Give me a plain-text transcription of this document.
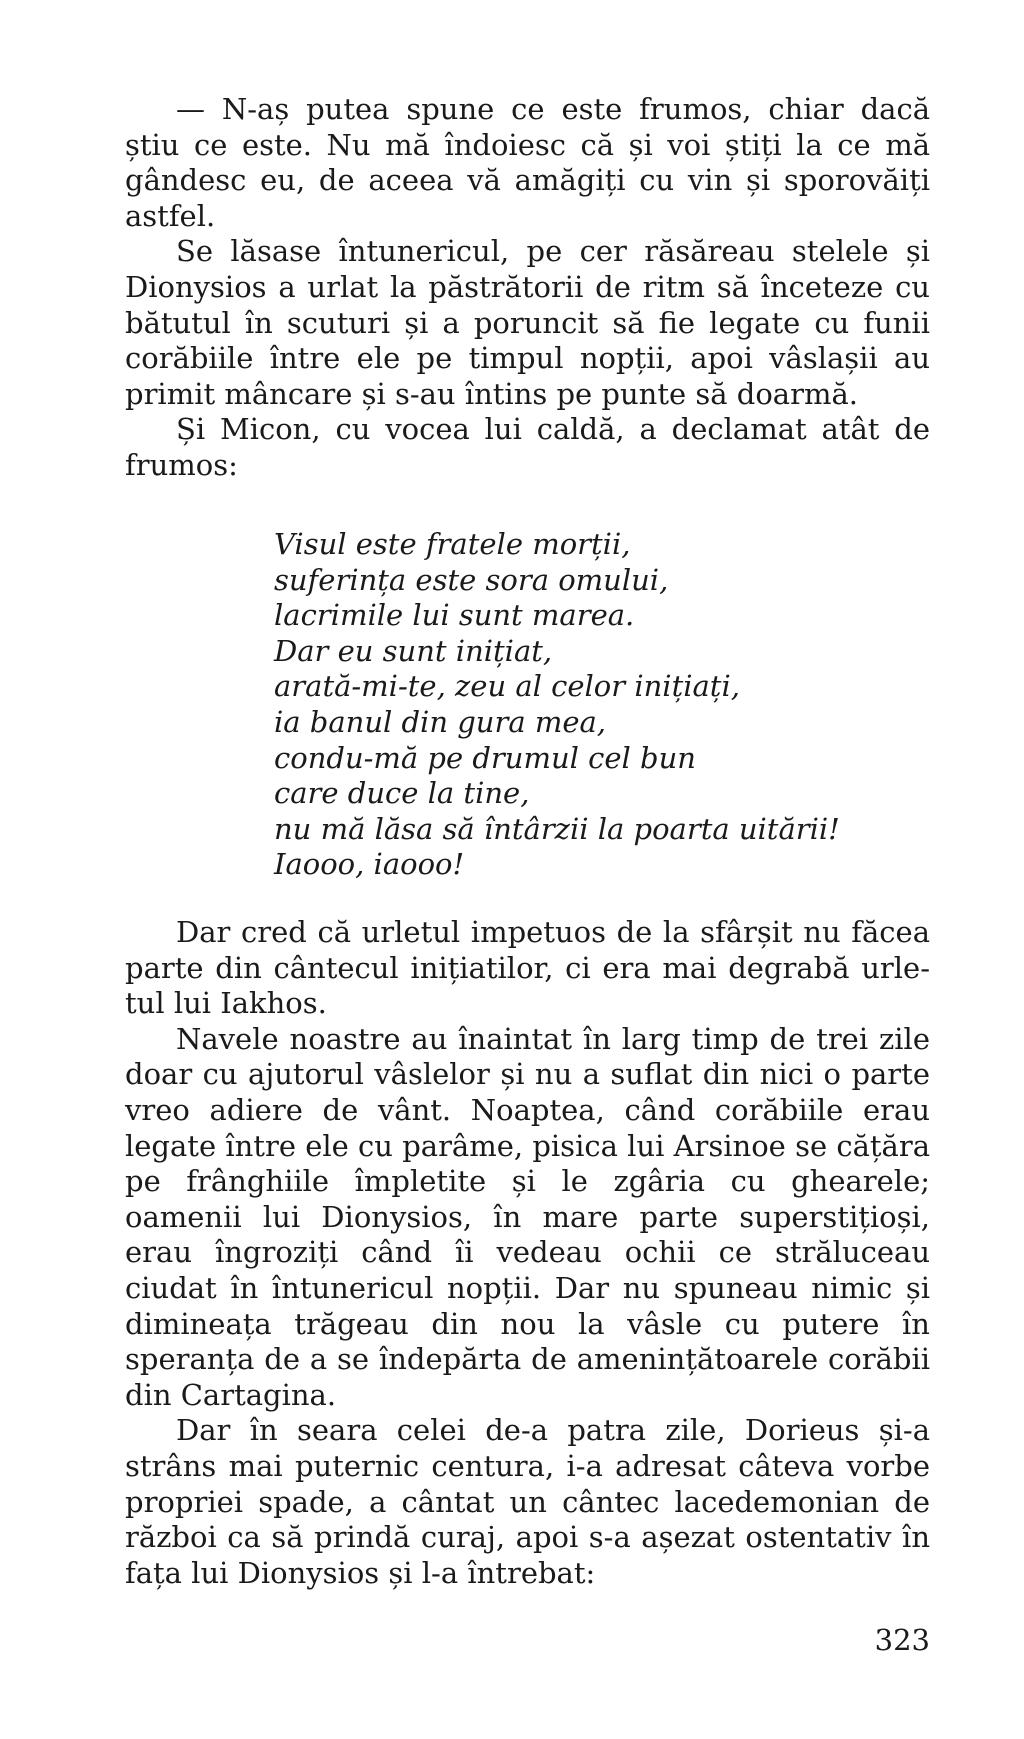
— N-aș putea spune ce este frumos, chiar dacă știu ce este. Nu mă îndoiesc că și voi știți la ce mă gândesc eu, de aceea vă amăgiți cu vin și sporovăiți astfel.

Se lăsase întunericul, pe cer răsăreau stelele și Dionysios a urlat la păstrătorii de ritm să înceteze cu bătutul în scuturi și a poruncit să fie legate cu funii corăbiile între ele pe timpul nopții, apoi vâslașii au primit mâncare și s-au întins pe punte să doarmă.

Și Micon, cu vocea lui caldă, a declamat atât de frumos:

Visul este fratele morții,
suferința este sora omului,
lacrimile lui sunt marea.
Dar eu sunt inițiat,
arată-mi-te, zeu al celor inițiați,
ia banul din gura mea,
condu-mă pe drumul cel bun
care duce la tine,
nu mă lăsa să întârzii la poarta uitării!
Iaooo, iaooo!

Dar cred că urletul impetuos de la sfârșit nu făcea parte din cântecul inițiatilor, ci era mai degrabă urletul lui Iakhos.

Navele noastre au înaintat în larg timp de trei zile doar cu ajutorul vâslelor și nu a suflat din nici o parte vreo adiere de vânt. Noaptea, când corăbiile erau legate între ele cu parâme, pisica lui Arsinoe se cățăra pe frânghiile împletite și le zgâria cu ghearele; oamenii lui Dionysios, în mare parte superstițioși, erau îngroziți când îi vedeau ochii ce străluceau ciudat în întunericul nopții. Dar nu spuneau nimic și dimineața trăgeau din nou la vâsle cu putere în speranța de a se îndepărta de amenințătoarele corăbii din Cartagina.

Dar în seara celei de-a patra zile, Dorieus și-a strâns mai puternic centura, i-a adresat câteva vorbe propriei spade, a cântat un cântec lacedemonian de război ca să prindă curaj, apoi s-a așezat ostentativ în fața lui Dionysios și l-a întrebat:

323
